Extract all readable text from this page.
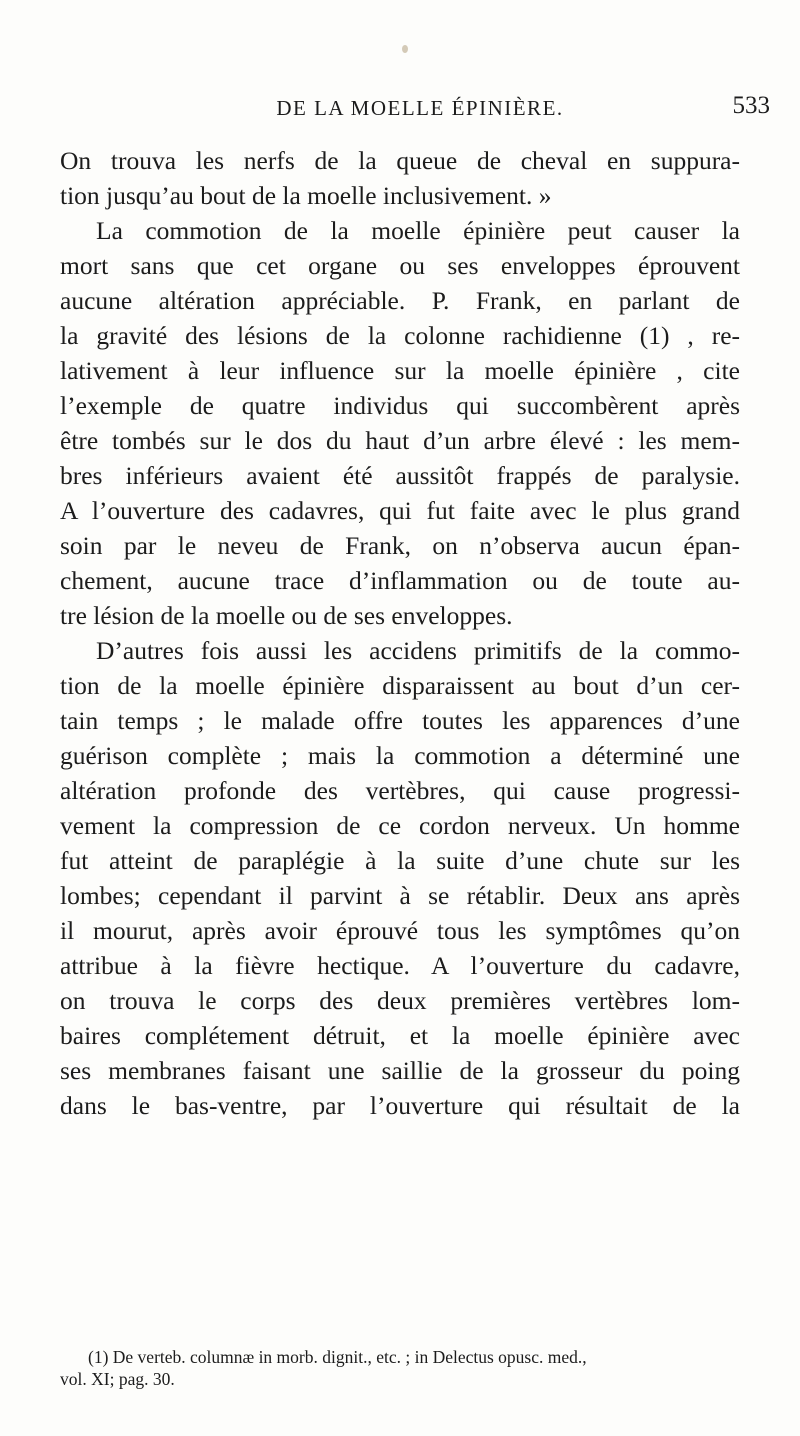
DE LA MOELLE ÉPINIÈRE.	533
On trouva les nerfs de la queue de cheval en suppura-
tion jusqu’au bout de la moelle inclusivement. »
La commotion de la moelle épinière peut causer la
mort sans que cet organe ou ses enveloppes éprouvent
aucune altération appréciable. P. Frank, en parlant de
la gravité des lésions de la colonne rachidienne (1) , re-
lativement à leur influence sur la moelle épinière , cite
l’exemple de quatre individus qui succombèrent après
être tombés sur le dos du haut d’un arbre élevé : les mem-
bres inférieurs avaient été aussitôt frappés de paralysie.
A l’ouverture des cadavres, qui fut faite avec le plus grand
soin par le neveu de Frank, on n’observa aucun épan-
chement, aucune trace d’inflammation ou de toute au-
tre lésion de la moelle ou de ses enveloppes.
D’autres fois aussi les accidens primitifs de la commo-
tion de la moelle épinière disparaissent au bout d’un cer-
tain temps ; le malade offre toutes les apparences d’une
guérison complète ; mais la commotion a déterminé une
altération profonde des vertèbres, qui cause progressi-
vement la compression de ce cordon nerveux. Un homme
fut atteint de paraplégie à la suite d’une chute sur les
lombes; cependant il parvint à se rétablir. Deux ans après
il mourut, après avoir éprouvé tous les symptômes qu’on
attribue à la fièvre hectique. A l’ouverture du cadavre,
on trouva le corps des deux premières vertèbres lom-
baires complétement détruit, et la moelle épinière avec
ses membranes faisant une saillie de la grosseur du poing
dans le bas-ventre, par l’ouverture qui résultait de la
(1) De verteb. columnæ in morb. dignit., etc. ; in Delectus opusc. med.,
vol. XI; pag. 30.
